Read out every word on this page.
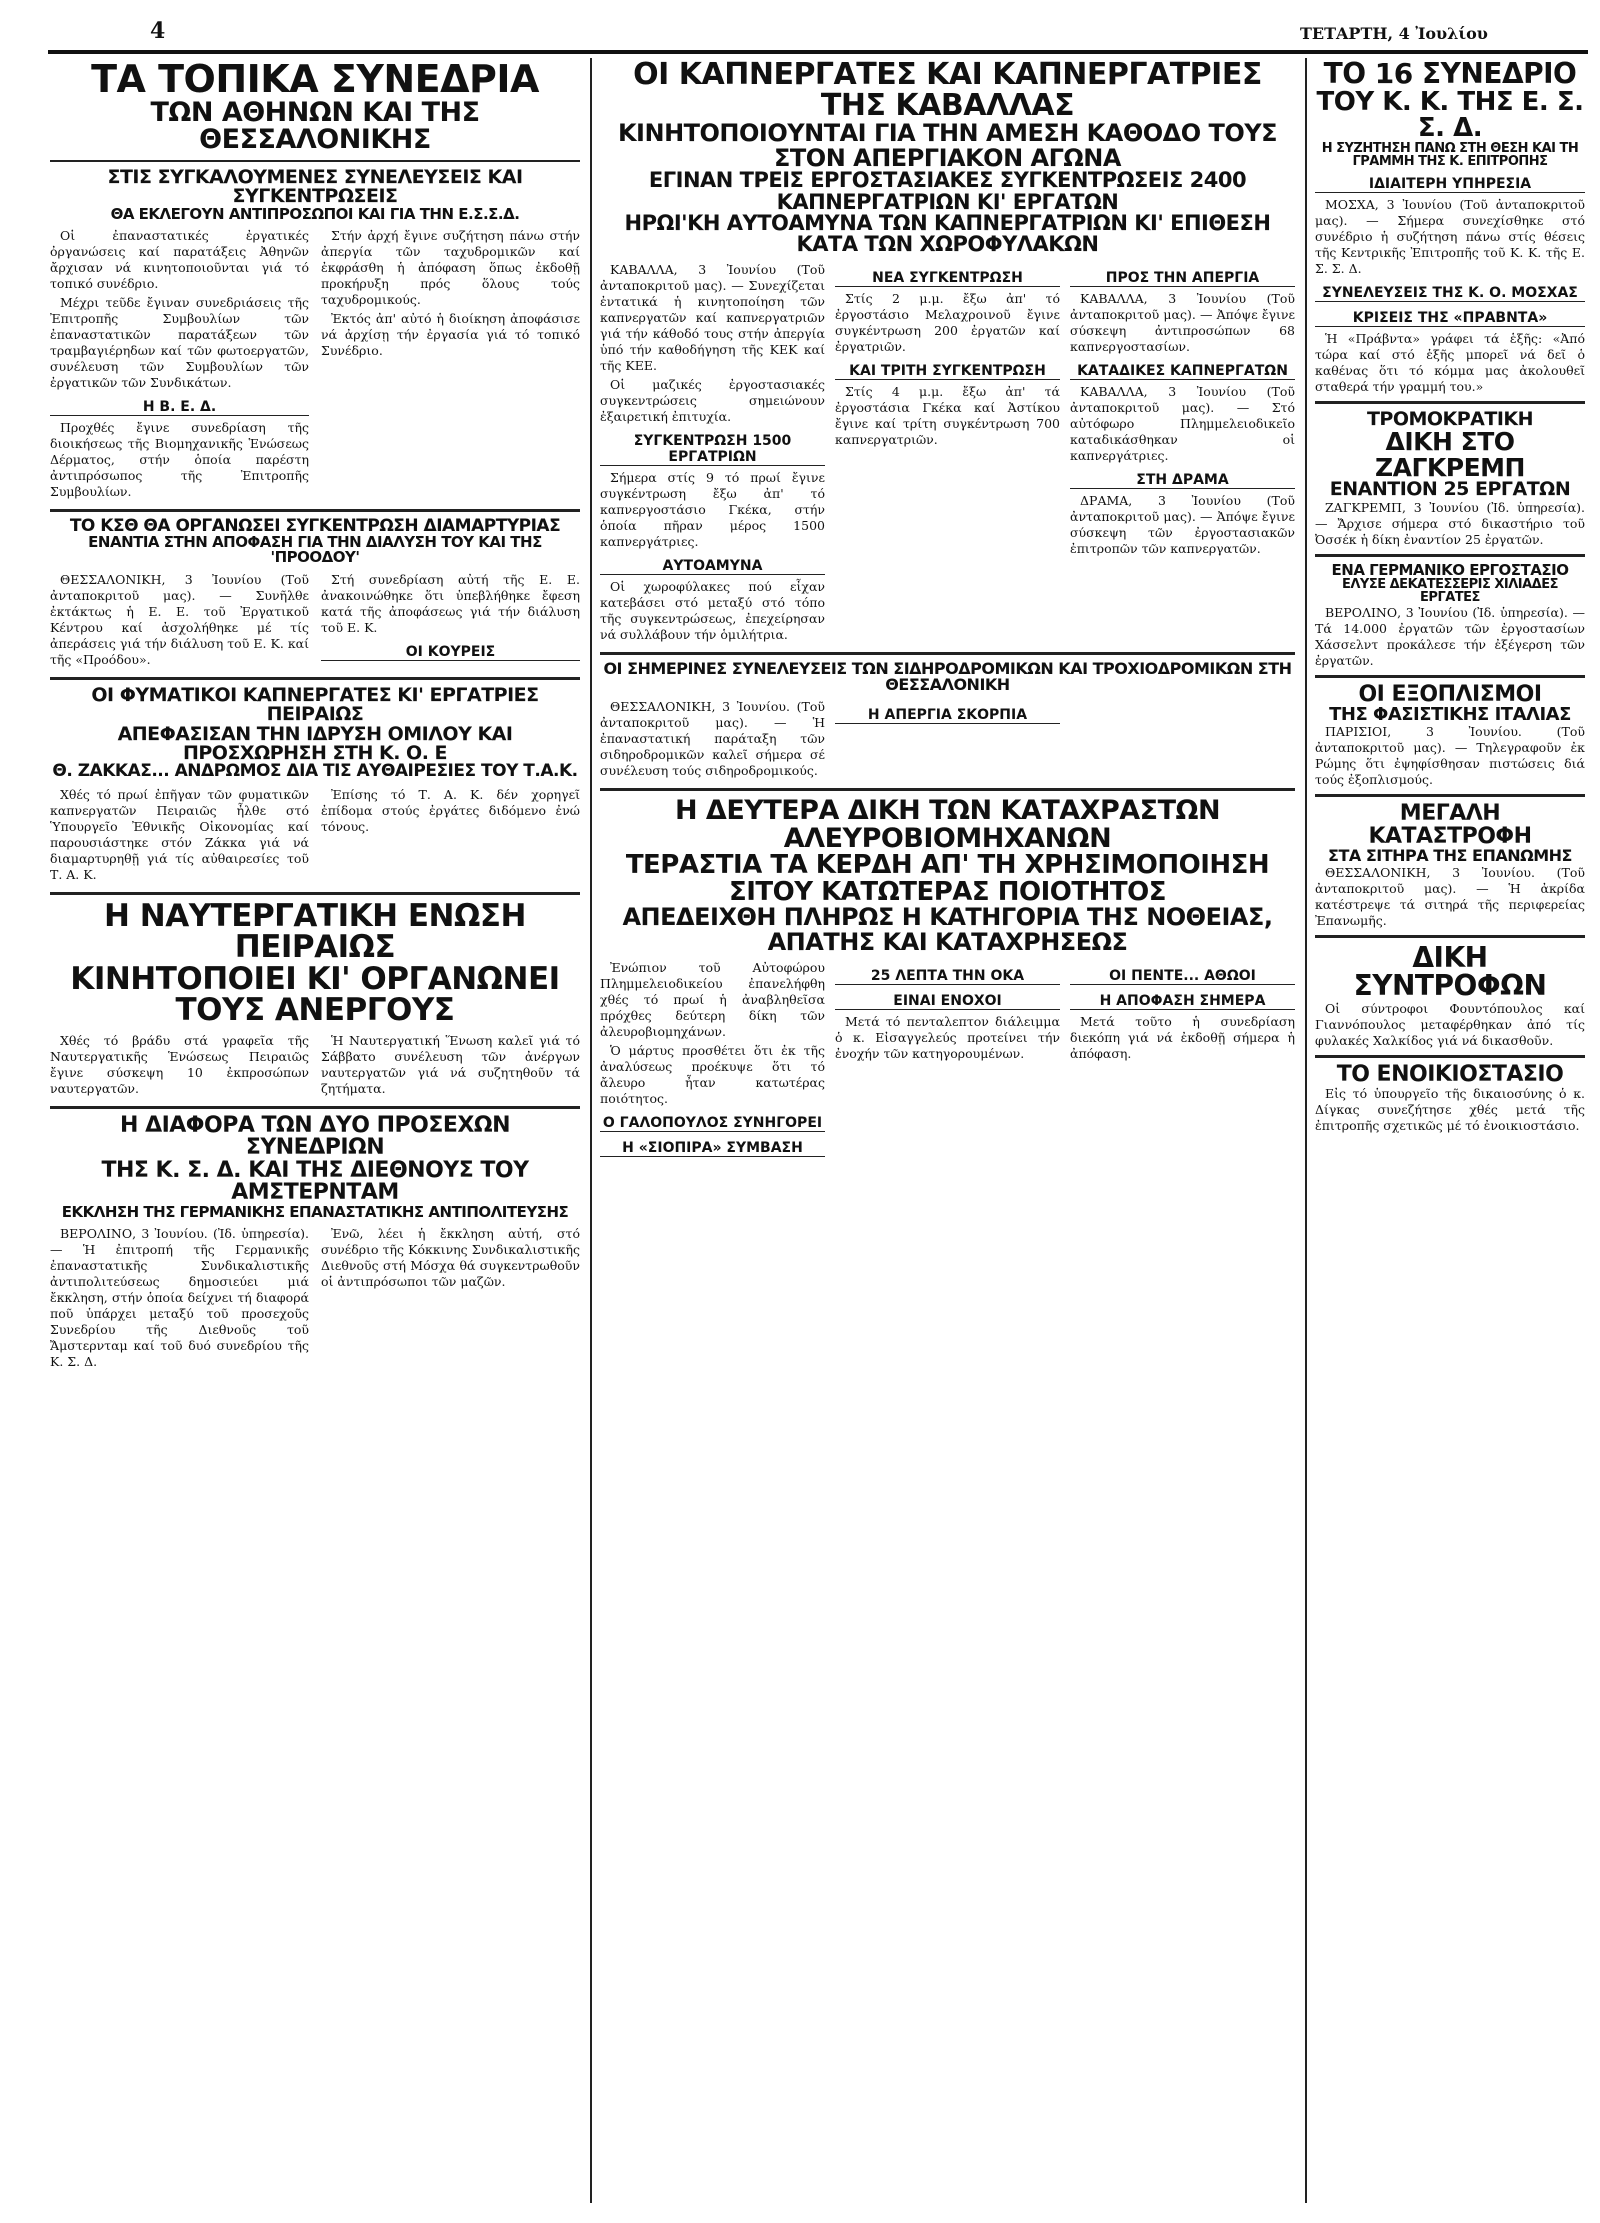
4	ΤΕΤΑΡΤΗ, 4 Ἰουλίου
ΤΑ ΤΟΠΙΚΑ ΣΥΝΕΔΡΙΑ
ΤΩΝ ΑΘΗΝΩΝ ΚΑΙ ΤΗΣ ΘΕΣΣΑΛΟΝΙΚΗΣ
ΣΤΙΣ ΣΥΓΚΑΛΟΥΜΕΝΕΣ ΣΥΝΕΛΕΥΣΕΙΣ ΚΑΙ ΣΥΓΚΕΝΤΡΩΣΕΙΣ
ΘΑ ΕΚΛΕΓΟΥΝ ΑΝΤΙΠΡΟΣΩΠΟΙ ΚΑΙ ΓΙΑ ΤΗΝ Ε.Σ.Σ.Δ.

Οἱ ἐπαναστατικές ἐργατικές ὀργανώσεις καί παρατάξεις Ἀθηνῶν ἄρχισαν νά κινητοποιοῦνται γιά τό τοπικό συνέδριο.

Μέχρι τεῦδε ἔγιναν συνεδριάσεις τῆς Ἐπιτροπῆς Συμβουλίων τῶν ἐπαναστατικῶν παρατάξεων τῶν τραμβαγιέρηδων καί τῶν φωτοεργατῶν, συνέλευση τῶν Συμβουλίων τῶν ἐργατικῶν τῶν Συνδικάτων.

Η Β. Ε. Δ.

Προχθές ἔγινε συνεδρίαση τῆς διοικήσεως τῆς Βιομηχανικῆς Ἑνώσεως Δέρματος, στήν ὁποία παρέστη ἀντιπρόσωπος τῆς Ἐπιτροπῆς Συμβουλίων.

Στήν ἀρχή ἔγινε συζήτηση πάνω στήν ἀπεργία τῶν ταχυδρομικῶν καί ἐκφράσθη ἡ ἀπόφαση ὅπως ἐκδοθῇ προκήρυξη πρός ὅλους τούς ταχυδρομικούς.

Ἐκτός ἀπ' αὐτό ἡ διοίκηση ἀποφάσισε νά ἀρχίσῃ τήν ἐργασία γιά τό τοπικό Συνέδριο.

ΤΟ ΚΣΘ ΘΑ ΟΡΓΑΝΩΣΕΙ ΣΥΓΚΕΝΤΡΩΣΗ ΔΙΑΜΑΡΤΥΡΙΑΣ
ΕΝΑΝΤΙΑ ΣΤΗΝ ΑΠΟΦΑΣΗ ΓΙΑ ΤΗΝ ΔΙΑΛΥΣΗ ΤΟΥ ΚΑΙ ΤΗΣ 'ΠΡΟΟΔΟΥ'

ΘΕΣΣΑΛΟΝΙΚΗ, 3 Ἰουνίου (Τοῦ ἀνταποκριτοῦ μας). — Συνῆλθε ἐκτάκτως ἡ Ε. Ε. τοῦ Ἐργατικοῦ Κέντρου καί ἀσχολήθηκε μέ τίς ἀπεράσεις γιά τήν διάλυση τοῦ Ε. Κ. καί τῆς «Προόδου».

Στή συνεδρίαση αὐτή τῆς Ε. Ε. ἀνακοινώθηκε ὅτι ὑπεβλήθηκε ἔφεση κατά τῆς ἀποφάσεως γιά τήν διάλυση τοῦ Ε. Κ.

ΟΙ ΚΟΥΡΕΙΣ
ΟΙ ΦΥΜΑΤΙΚΟΙ ΚΑΠΝΕΡΓΑΤΕΣ ΚΙ' ΕΡΓΑΤΡΙΕΣ ΠΕΙΡΑΙΩΣ
ΑΠΕΦΑΣΙΣΑΝ ΤΗΝ ΙΔΡΥΣΗ ΟΜΙΛΟΥ ΚΑΙ ΠΡΟΣΧΩΡΗΣΗ ΣΤΗ Κ. Ο. Ε
Θ. ΖΑΚΚΑΣ... ΑΝΔΡΩΜΟΣ ΔΙΑ ΤΙΣ ΑΥΘΑΙΡΕΣΙΕΣ ΤΟΥ Τ.Α.Κ.

Χθές τό πρωί ἐπῆγαν τῶν φυματικῶν καπνεργατῶν Πειραιῶς ἦλθε στό Ὑπουργεῖο Ἐθνικῆς Οἰκονομίας καί παρουσιάστηκε στόν Ζάκκα γιά νά διαμαρτυρηθῇ γιά τίς αὐθαιρεσίες τοῦ Τ. Α. Κ.

Ἐπίσης τό Τ. Α. Κ. δέν χορηγεῖ ἐπίδομα στούς ἐργάτες διδόμενο ἐνώ τόνους.

Η ΝΑΥΤΕΡΓΑΤΙΚΗ ΕΝΩΣΗ ΠΕΙΡΑΙΩΣ
ΚΙΝΗΤΟΠΟΙΕΙ ΚΙ' ΟΡΓΑΝΩΝΕΙ ΤΟΥΣ ΑΝΕΡΓΟΥΣ

Χθές τό βράδυ στά γραφεῖα τῆς Ναυτεργατικῆς Ἑνώσεως Πειραιῶς ἔγινε σύσκεψη 10 ἐκπροσώπων ναυτεργατῶν.

Ἡ Ναυτεργατική Ἕνωση καλεῖ γιά τό Σάββατο συνέλευση τῶν ἀνέργων ναυτεργατῶν γιά νά συζητηθοῦν τά ζητήματα.

Η ΔΙΑΦΟΡΑ ΤΩΝ ΔΥΟ ΠΡΟΣΕΧΩΝ ΣΥΝΕΔΡΙΩΝ
ΤΗΣ Κ. Σ. Δ. ΚΑΙ ΤΗΣ ΔΙΕΘΝΟΥΣ ΤΟΥ ΑΜΣΤΕΡΝΤΑΜ
ΕΚΚΛΗΣΗ ΤΗΣ ΓΕΡΜΑΝΙΚΗΣ ΕΠΑΝΑΣΤΑΤΙΚΗΣ ΑΝΤΙΠΟΛΙΤΕΥΣΗΣ

ΒΕΡΟΛΙΝΟ, 3 Ἰουνίου. (Ἰδ. ὑπηρεσία). — Ἡ ἐπιτροπή τῆς Γερμανικῆς ἐπαναστατικῆς Συνδικαλιστικῆς ἀντιπολιτεύσεως δημοσιεύει μιά ἔκκληση, στήν ὁποία δείχνει τή διαφορά ποῦ ὑπάρχει μεταξύ τοῦ προσεχοῦς Συνεδρίου τῆς Διεθνοῦς τοῦ Ἄμστερνταμ καί τοῦ δυό συνεδρίου τῆς Κ. Σ. Δ.

Ἐνῶ, λέει ἡ ἔκκληση αὐτή, στό συνέδριο τῆς Κόκκινης Συνδικαλιστικῆς Διεθνοῦς στή Μόσχα θά συγκεντρωθοῦν οἱ ἀντιπρόσωποι τῶν μαζῶν.

ΟΙ ΚΑΠΝΕΡΓΑΤΕΣ ΚΑΙ ΚΑΠΝΕΡΓΑΤΡΙΕΣ ΤΗΣ ΚΑΒΑΛΛΑΣ
ΚΙΝΗΤΟΠΟΙΟΥΝΤΑΙ ΓΙΑ ΤΗΝ ΑΜΕΣΗ ΚΑΘΟΔΟ ΤΟΥΣ ΣΤΟΝ ΑΠΕΡΓΙΑΚΟΝ ΑΓΩΝΑ
ΕΓΙΝΑΝ ΤΡΕΙΣ ΕΡΓΟΣΤΑΣΙΑΚΕΣ ΣΥΓΚΕΝΤΡΩΣΕΙΣ 2400 ΚΑΠΝΕΡΓΑΤΡΙΩΝ ΚΙ' ΕΡΓΑΤΩΝ
ΗΡΩΙ'ΚΗ ΑΥΤΟΑΜΥΝΑ ΤΩΝ ΚΑΠΝΕΡΓΑΤΡΙΩΝ ΚΙ' ΕΠΙΘΕΣΗ ΚΑΤΑ ΤΩΝ ΧΩΡΟΦΥΛΑΚΩΝ

ΚΑΒΑΛΛΑ, 3 Ἰουνίου (Τοῦ ἀνταποκριτοῦ μας). — Συνεχίζεται ἐντατικά ἡ κινητοποίηση τῶν καπνεργατῶν καί καπνεργατριῶν γιά τήν κάθοδό τους στήν ἀπεργία ὑπό τήν καθοδήγηση τῆς ΚΕΚ καί τῆς ΚΕΕ.

Οἱ μαζικές ἐργοστασιακές συγκεντρώσεις σημειώνουν ἐξαιρετική ἐπιτυχία.

ΣΥΓΚΕΝΤΡΩΣΗ 1500 ΕΡΓΑΤΡΙΩΝ

Σήμερα στίς 9 τό πρωί ἔγινε συγκέντρωση ἔξω ἀπ' τό καπνεργοστάσιο Γκέκα, στήν ὁποία πῆραν μέρος 1500 καπνεργάτριες.

ΑΥΤΟΑΜΥΝΑ

Οἱ χωροφύλακες πού εἶχαν κατεβάσει στό μεταξύ στό τόπο τῆς συγκεντρώσεως, ἐπεχείρησαν νά συλλάβουν τήν ὁμιλήτρια.

ΝΕΑ ΣΥΓΚΕΝΤΡΩΣΗ

Στίς 2 μ.μ. ἔξω ἀπ' τό ἐργοστάσιο Μελαχροινοῦ ἔγινε συγκέντρωση 200 ἐργατῶν καί ἐργατριῶν.

ΚΑΙ ΤΡΙΤΗ ΣΥΓΚΕΝΤΡΩΣΗ

Στίς 4 μ.μ. ἔξω ἀπ' τά ἐργοστάσια Γκέκα καί Ἀστίκου ἔγινε καί τρίτη συγκέντρωση 700 καπνεργατριῶν.

ΠΡΟΣ ΤΗΝ ΑΠΕΡΓΙΑ

ΚΑΒΑΛΛΑ, 3 Ἰουνίου (Τοῦ ἀνταποκριτοῦ μας). — Ἀπόψε ἔγινε σύσκεψη ἀντιπροσώπων 68 καπνεργοστασίων.

ΚΑΤΑΔΙΚΕΣ ΚΑΠΝΕΡΓΑΤΩΝ

ΚΑΒΑΛΛΑ, 3 Ἰουνίου (Τοῦ ἀνταποκριτοῦ μας). — Στό αὐτόφωρο Πλημμελειοδικεῖο καταδικάσθηκαν οἱ καπνεργάτριες.

ΣΤΗ ΔΡΑΜΑ

ΔΡΑΜΑ, 3 Ἰουνίου (Τοῦ ἀνταποκριτοῦ μας). — Ἀπόψε ἔγινε σύσκεψη τῶν ἐργοστασιακῶν ἐπιτροπῶν τῶν καπνεργατῶν.

ΟΙ ΣΗΜΕΡΙΝΕΣ ΣΥΝΕΛΕΥΣΕΙΣ ΤΩΝ ΣΙΔΗΡΟΔΡΟΜΙΚΩΝ ΚΑΙ ΤΡΟΧΙΟΔΡΟΜΙΚΩΝ ΣΤΗ ΘΕΣΣΑΛΟΝΙΚΗ

ΘΕΣΣΑΛΟΝΙΚΗ, 3 Ἰουνίου. (Τοῦ ἀνταποκριτοῦ μας). — Ἡ ἐπαναστατική παράταξη τῶν σιδηροδρομικῶν καλεῖ σήμερα σέ συνέλευση τούς σιδηροδρομικούς.

Η ΑΠΕΡΓΙΑ ΣΚΟΡΠΙΑ
Η ΔΕΥΤΕΡΑ ΔΙΚΗ ΤΩΝ ΚΑΤΑΧΡΑΣΤΩΝ ΑΛΕΥΡΟΒΙΟΜΗΧΑΝΩΝ
ΤΕΡΑΣΤΙΑ ΤΑ ΚΕΡΔΗ ΑΠ' ΤΗ ΧΡΗΣΙΜΟΠΟΙΗΣΗ ΣΙΤΟΥ ΚΑΤΩΤΕΡΑΣ ΠΟΙΟΤΗΤΟΣ
ΑΠΕΔΕΙΧΘΗ ΠΛΗΡΩΣ Η ΚΑΤΗΓΟΡΙΑ ΤΗΣ ΝΟΘΕΙΑΣ, ΑΠΑΤΗΣ ΚΑΙ ΚΑΤΑΧΡΗΣΕΩΣ

Ἐνώπιον τοῦ Αὐτοφώρου Πλημμελειοδικείου ἐπανελήφθη χθές τό πρωί ἡ ἀναβληθεῖσα πρόχθες δεύτερη δίκη τῶν ἀλευροβιομηχάνων.

Ὁ μάρτυς προσθέτει ὅτι ἐκ τῆς ἀναλύσεως προέκυψε ὅτι τό ἄλευρο ἦταν κατωτέρας ποιότητος.

Ο ΓΑΛΟΠΟΥΛΟΣ ΣΥΝΗΓΟΡΕΙ
Η «ΣΙΟΠΙΡΑ» ΣΥΜΒΑΣΗ
25 ΛΕΠΤΑ ΤΗΝ ΟΚΑ
ΕΙΝΑΙ ΕΝΟΧΟΙ

Μετά τό πενταλεπτον διάλειμμα ὁ κ. Εἰσαγγελεύς προτείνει τήν ἐνοχήν τῶν κατηγορουμένων.

ΟΙ ΠΕΝΤΕ... ΑΘΩΟΙ
Η ΑΠΟΦΑΣΗ ΣΗΜΕΡΑ

Μετά τοῦτο ἡ συνεδρίαση διεκόπη γιά νά ἐκδοθῇ σήμερα ἡ ἀπόφαση.

ΤΟ 16 ΣΥΝΕΔΡΙΟ
ΤΟΥ Κ. Κ. ΤΗΣ Ε. Σ. Σ. Δ.
Η ΣΥΖΗΤΗΣΗ ΠΑΝΩ ΣΤΗ ΘΕΣΗ ΚΑΙ ΤΗ ΓΡΑΜΜΗ ΤΗΣ Κ. ΕΠΙΤΡΟΠΗΣ
ΙΔΙΑΙΤΕΡΗ ΥΠΗΡΕΣΙΑ

ΜΟΣΧΑ, 3 Ἰουνίου (Τοῦ ἀνταποκριτοῦ μας). — Σήμερα συνεχίσθηκε στό συνέδριο ἡ συζήτηση πάνω στίς θέσεις τῆς Κεντρικῆς Ἐπιτροπῆς τοῦ Κ. Κ. τῆς Ε. Σ. Σ. Δ.

ΣΥΝΕΛΕΥΣΕΙΣ ΤΗΣ Κ. Ο. ΜΟΣΧΑΣ
ΚΡΙΣΕΙΣ ΤΗΣ «ΠΡΑΒΝΤΑ»

Ἡ «Πράβντα» γράφει τά ἑξῆς: «Ἀπό τώρα καί στό ἑξῆς μπορεῖ νά δεῖ ὁ καθένας ὅτι τό κόμμα μας ἀκολουθεῖ σταθερά τήν γραμμή του.»

ΤΡΟΜΟΚΡΑΤΙΚΗ
ΔΙΚΗ ΣΤΟ ΖΑΓΚΡΕΜΠ
ΕΝΑΝΤΙΟΝ 25 ΕΡΓΑΤΩΝ

ΖΑΓΚΡΕΜΠ, 3 Ἰουνίου (Ἰδ. ὑπηρεσία). — Ἄρχισε σήμερα στό δικαστήριο τοῦ Ὀσσέκ ἡ δίκη ἐναντίον 25 ἐργατῶν.

ΕΝΑ ΓΕΡΜΑΝΙΚΟ ΕΡΓΟΣΤΑΣΙΟ
ΕΛΥΣΕ ΔΕΚΑΤΕΣΣΕΡΙΣ ΧΙΛΙΑΔΕΣ ΕΡΓΑΤΕΣ

ΒΕΡΟΛΙΝΟ, 3 Ἰουνίου (Ἰδ. ὑπηρεσία). — Τά 14.000 ἐργατῶν τῶν ἐργοστασίων Χάσσελντ προκάλεσε τήν ἐξέγερση τῶν ἐργατῶν.

ΟΙ ΕΞΟΠΛΙΣΜΟΙ
ΤΗΣ ΦΑΣΙΣΤΙΚΗΣ ΙΤΑΛΙΑΣ

ΠΑΡΙΣΙΟΙ, 3 Ἰουνίου. (Τοῦ ἀνταποκριτοῦ μας). — Τηλεγραφοῦν ἐκ Ρώμης ὅτι ἐψηφίσθησαν πιστώσεις διά τούς ἐξοπλισμούς.

ΜΕΓΑΛΗ ΚΑΤΑΣΤΡΟΦΗ
ΣΤΑ ΣΙΤΗΡΑ ΤΗΣ ΕΠΑΝΩΜΗΣ

ΘΕΣΣΑΛΟΝΙΚΗ, 3 Ἰουνίου. (Τοῦ ἀνταποκριτοῦ μας). — Ἡ ἀκρίδα κατέστρεψε τά σιτηρά τῆς περιφερείας Ἐπανωμῆς.

ΔΙΚΗ ΣΥΝΤΡΟΦΩΝ

Οἱ σύντροφοι Φουντόπουλος καί Γιαννόπουλος μεταφέρθηκαν ἀπό τίς φυλακές Χαλκίδος γιά νά δικασθοῦν.

ΤΟ ΕΝΟΙΚΙΟΣΤΑΣΙΟ

Εἰς τό ὑπουργεῖο τῆς δικαιοσύνης ὁ κ. Δίγκας συνεζήτησε χθές μετά τῆς ἐπιτροπῆς σχετικῶς μέ τό ἐνοικιοστάσιο.
